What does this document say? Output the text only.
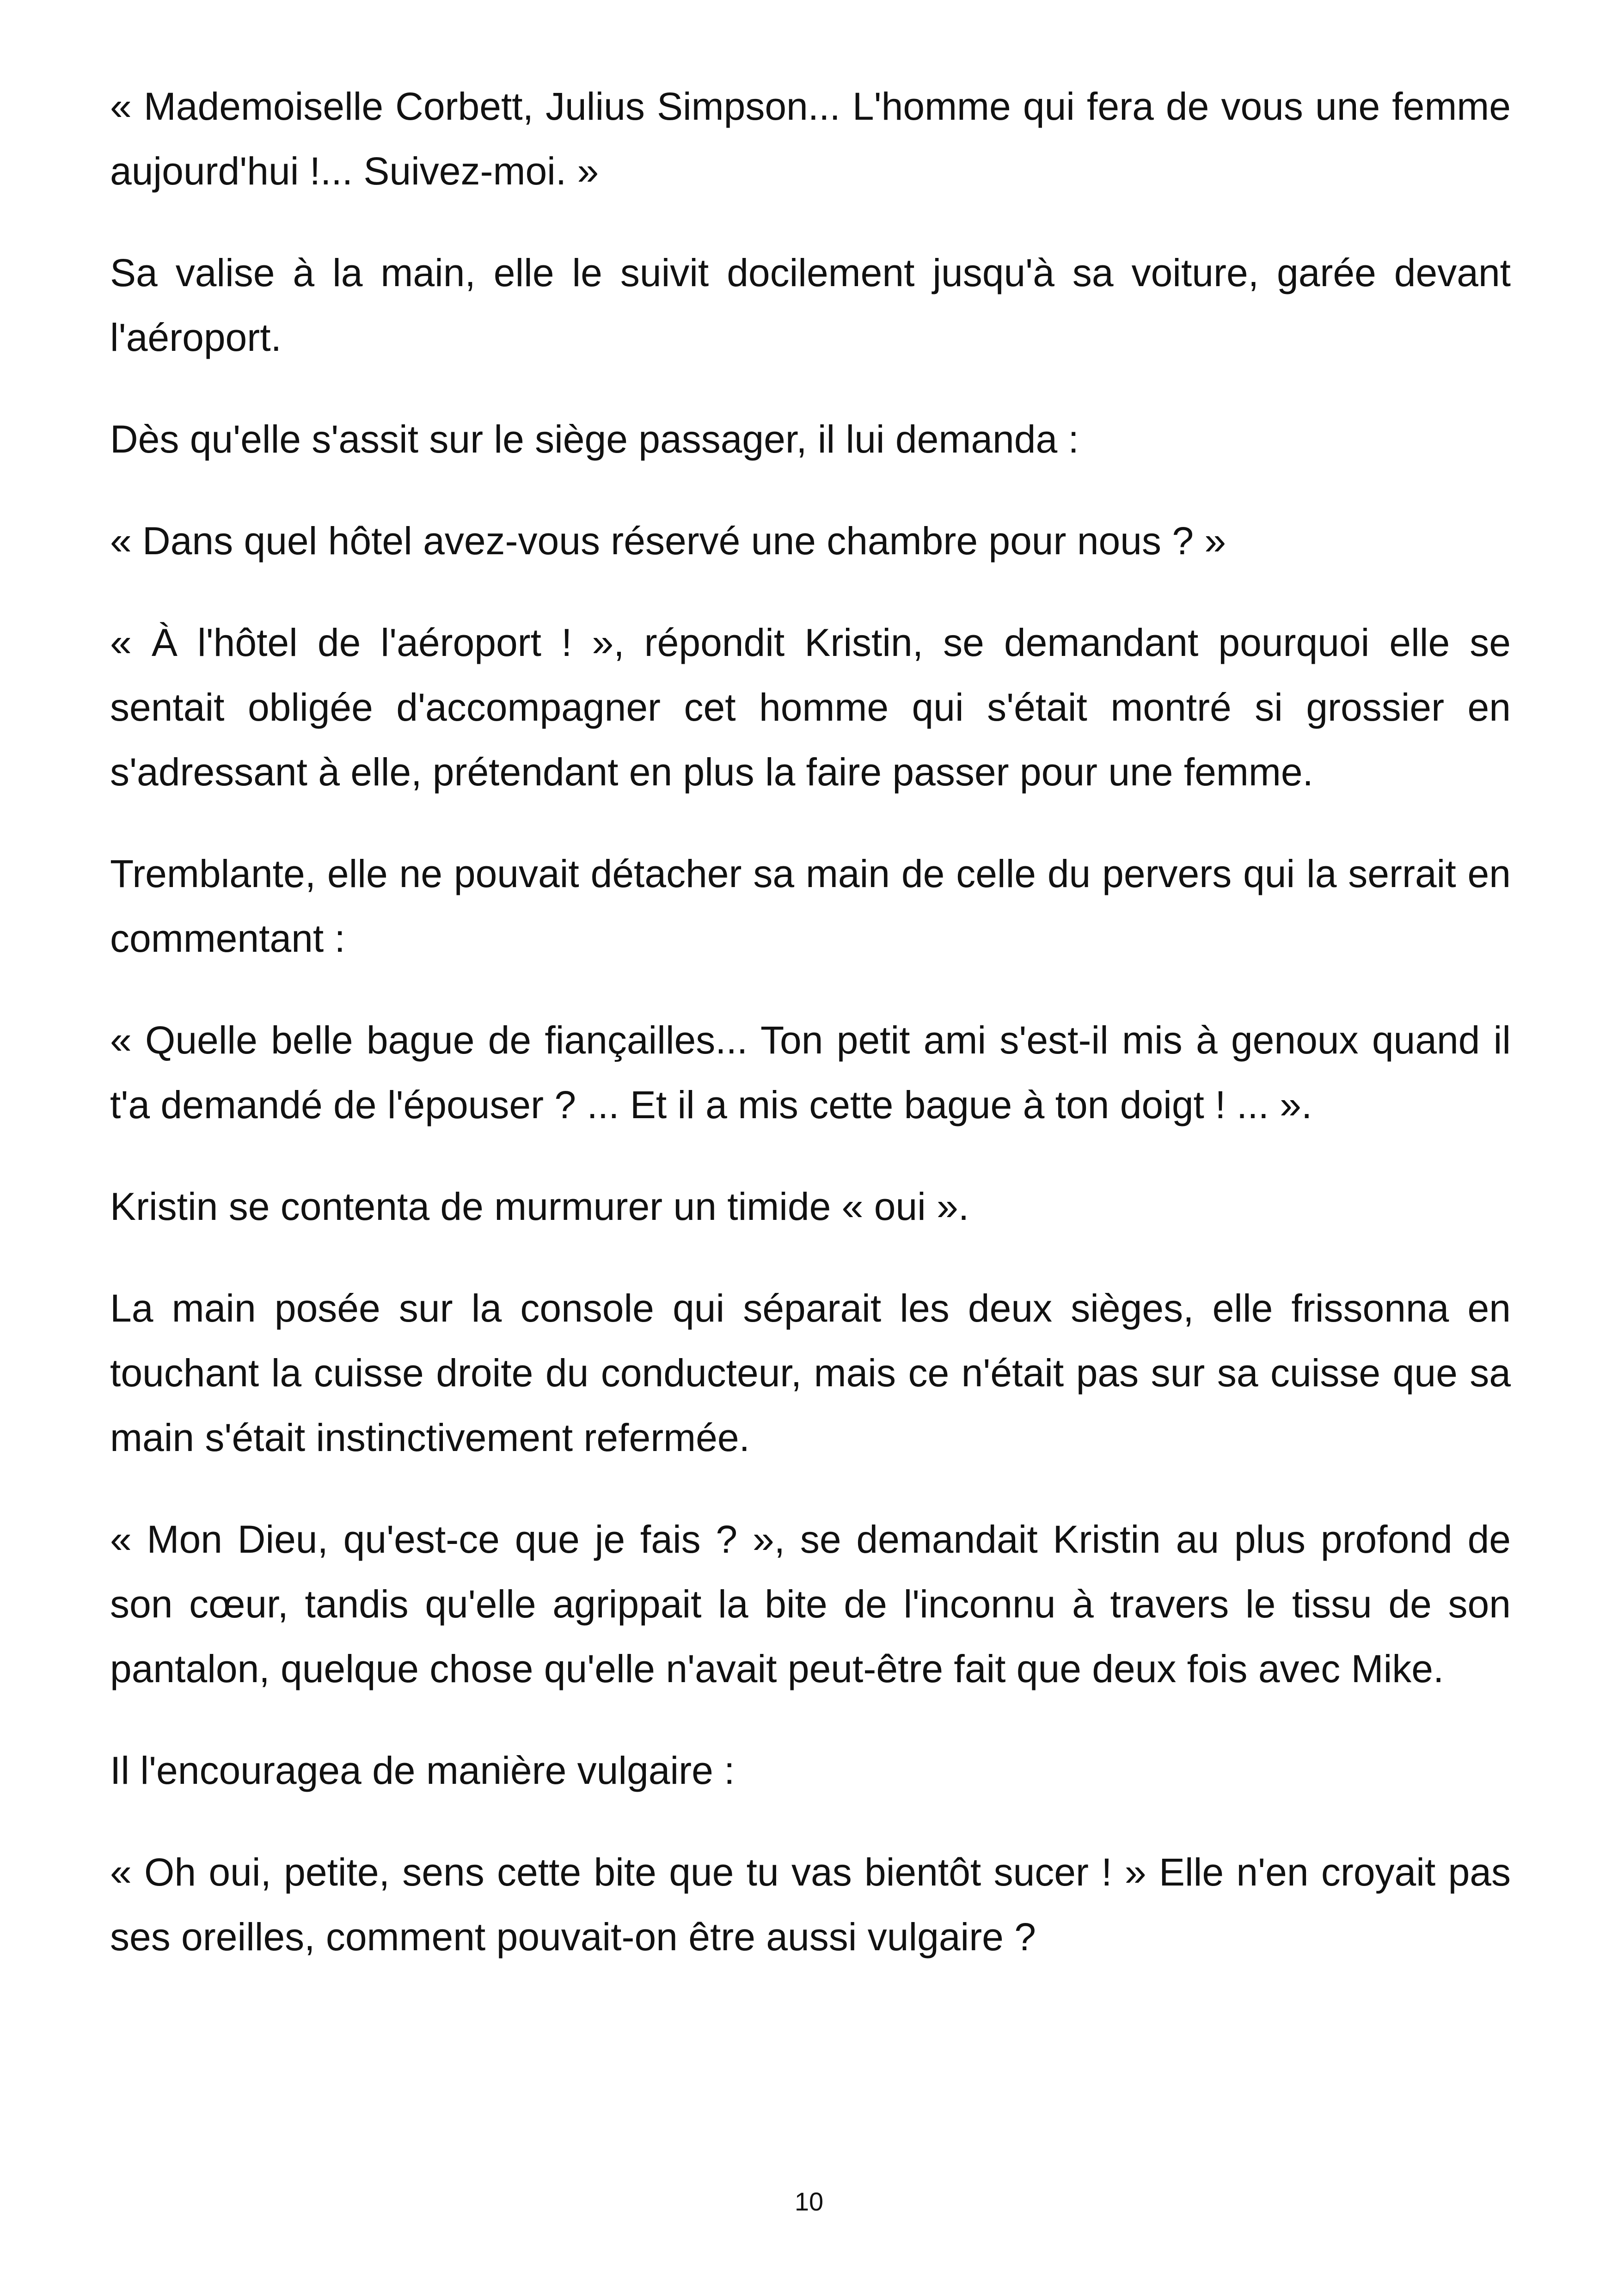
« Mademoiselle Corbett, Julius Simpson... L'homme qui fera de vous une femme aujourd'hui !... Suivez-moi. »

Sa valise à la main, elle le suivit docilement jusqu'à sa voiture, garée devant l'aéroport.

Dès qu'elle s'assit sur le siège passager, il lui demanda :

« Dans quel hôtel avez-vous réservé une chambre pour nous ? »

« À l'hôtel de l'aéroport ! », répondit Kristin, se demandant pourquoi elle se sentait obligée d'accompagner cet homme qui s'était montré si grossier en s'adressant à elle, prétendant en plus la faire passer pour une femme.

Tremblante, elle ne pouvait détacher sa main de celle du pervers qui la serrait en commentant :

« Quelle belle bague de fiançailles... Ton petit ami s'est-il mis à genoux quand il t'a demandé de l'épouser ? ... Et il a mis cette bague à ton doigt ! ... ».

Kristin se contenta de murmurer un timide « oui ».

La main posée sur la console qui séparait les deux sièges, elle frissonna en touchant la cuisse droite du conducteur, mais ce n'était pas sur sa cuisse que sa main s'était instinctivement refermée.

« Mon Dieu, qu'est-ce que je fais ? », se demandait Kristin au plus profond de son cœur, tandis qu'elle agrippait la bite de l'inconnu à travers le tissu de son pantalon, quelque chose qu'elle n'avait peut-être fait que deux fois avec Mike.

Il l'encouragea de manière vulgaire :

« Oh oui, petite, sens cette bite que tu vas bientôt sucer ! » Elle n'en croyait pas ses oreilles, comment pouvait-on être aussi vulgaire ?

10
